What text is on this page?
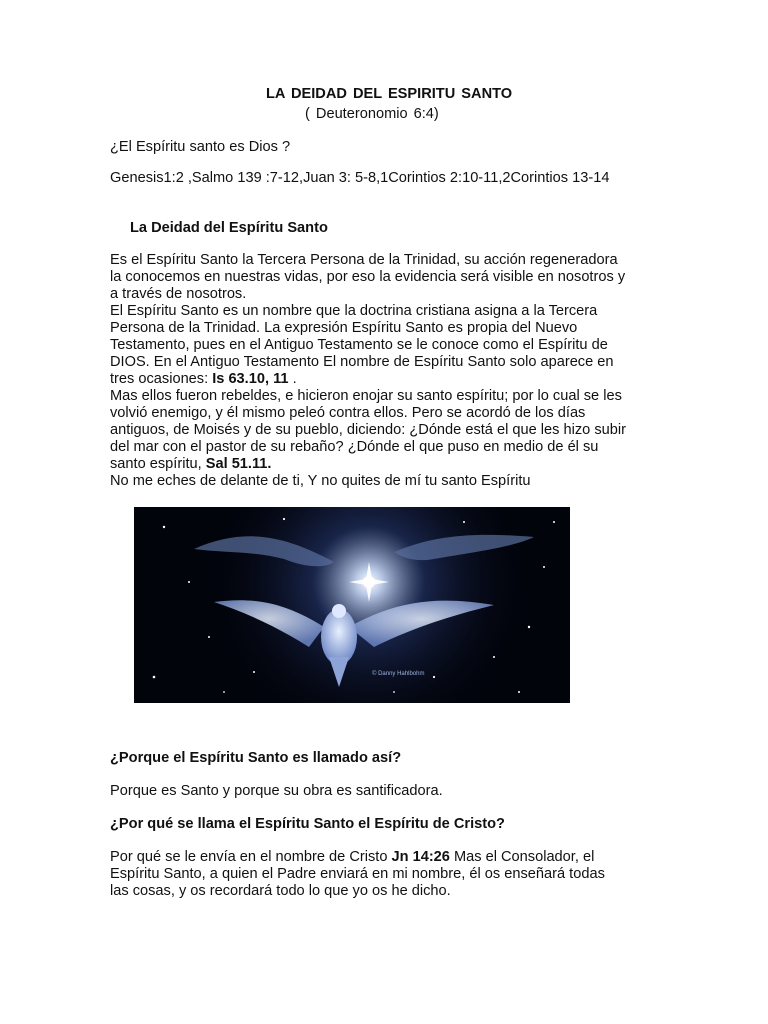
LA DEIDAD DEL ESPIRITU SANTO
( Deuteronomio 6:4)
¿El Espíritu santo es Dios ?
Genesis1:2 ,Salmo 139 :7-12,Juan 3: 5-8,1Corintios 2:10-11,2Corintios 13-14
La Deidad del Espíritu Santo
Es el Espíritu Santo la Tercera Persona de la Trinidad, su acción regeneradora
la conocemos en nuestras vidas, por eso la evidencia será visible en nosotros y
a través de nosotros.
El Espíritu Santo es un nombre que la doctrina cristiana asigna a la Tercera
Persona de la Trinidad. La expresión Espíritu Santo es propia del Nuevo
Testamento, pues en el Antiguo Testamento se le conoce como el Espíritu de
DIOS. En el Antiguo Testamento El nombre de Espíritu Santo solo aparece en
tres ocasiones: Is 63.10, 11 .
Mas ellos fueron rebeldes, e hicieron enojar su santo espíritu; por lo cual se les
volvió enemigo, y él mismo peleó contra ellos. Pero se acordó de los días
antiguos, de Moisés y de su pueblo, diciendo: ¿Dónde está el que les hizo subir
del mar con el pastor de su rebaño? ¿Dónde el que puso en medio de él su
santo espíritu, Sal 51.11.
No me eches de delante de ti, Y no quites de mí tu santo Espíritu
© Danny Hahlbohm
¿Porque el Espíritu Santo es llamado así?
Porque es Santo y porque su obra es santificadora.
¿Por qué se llama el Espíritu Santo el Espíritu de Cristo?
Por qué se le envía en el nombre de Cristo Jn 14:26 Mas el Consolador, el
Espíritu Santo, a quien el Padre enviará en mi nombre, él os enseñará todas
las cosas, y os recordará todo lo que yo os he dicho.
